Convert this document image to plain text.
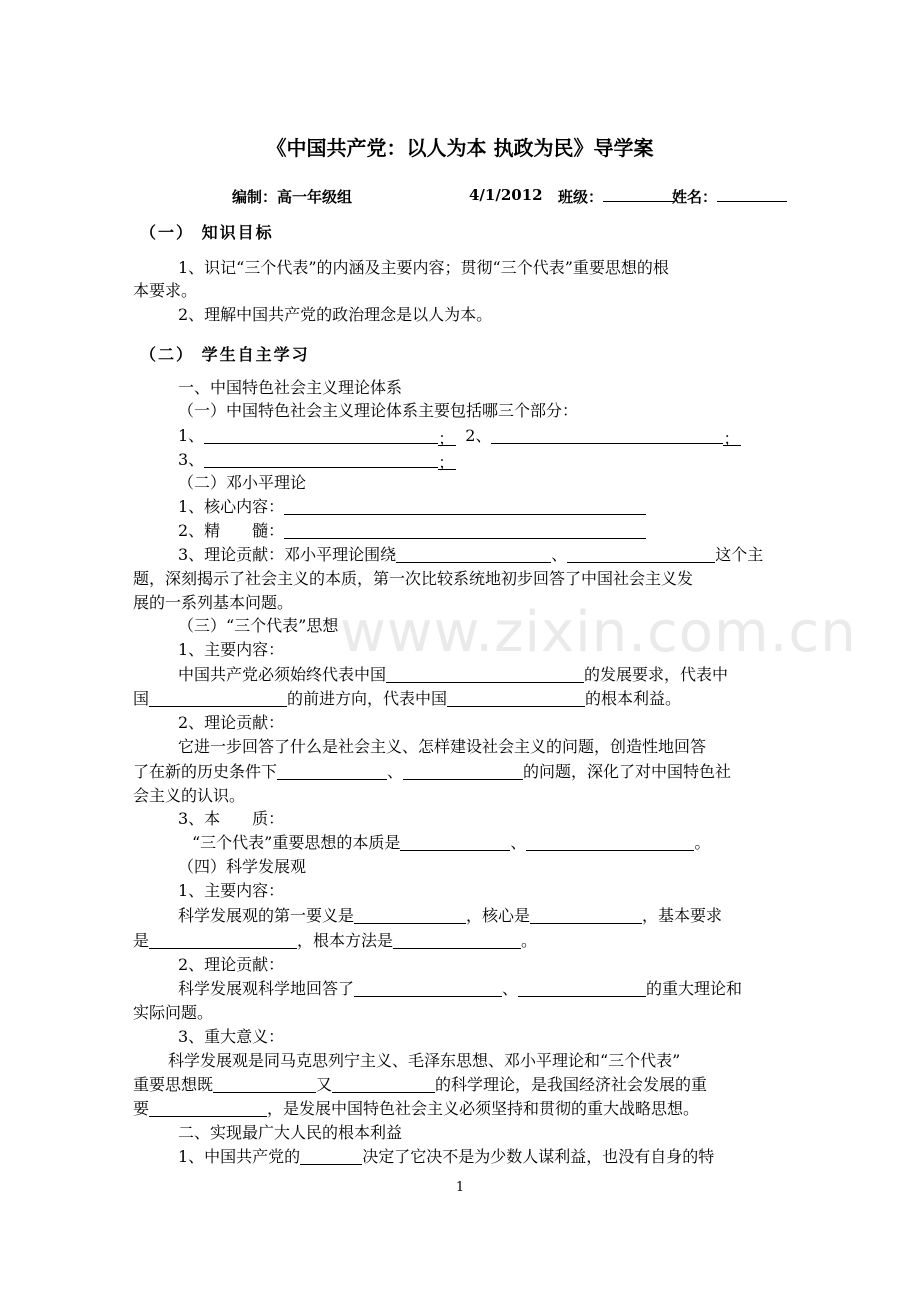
《中国共产党：以人为本 执政为民》导学案
编制：高一年级组	4/1/2012 班级：	姓名：
（一） 知识目标
1、识记“三个代表”的内涵及主要内容；贯彻“三个代表”重要思想的根
本要求。
2、理解中国共产党的政治理念是以人为本。
（二） 学生自主学习
一、中国特色社会主义理论体系
（一）中国特色社会主义理论体系主要包括哪三个部分：
1、	； 2、	；
3、	；
（二）邓小平理论
1、核心内容：
2、精　　髓：
3、理论贡献：邓小平理论围绕	、	这个主
题，深刻揭示了社会主义的本质，第一次比较系统地初步回答了中国社会主义发
展的一系列基本问题。
（三）“三个代表”思想
1、主要内容：
中国共产党必须始终代表中国	的发展要求，代表中
国	的前进方向，代表中国	的根本利益。
2、理论贡献：
它进一步回答了什么是社会主义、怎样建设社会主义的问题，创造性地回答
了在新的历史条件下	、	的问题，深化了对中国特色社
会主义的认识。
3、本　　质：
“三个代表”重要思想的本质是	、	。
（四）科学发展观
1、主要内容：
科学发展观的第一要义是	，核心是	，基本要求
是	，根本方法是	。
2、理论贡献：
科学发展观科学地回答了	、	的重大理论和
实际问题。
3、重大意义：
科学发展观是同马克思列宁主义、毛泽东思想、邓小平理论和“三个代表”
重要思想既	又	的科学理论，是我国经济社会发展的重
要	，是发展中国特色社会主义必须坚持和贯彻的重大战略思想。
二、实现最广大人民的根本利益
1、中国共产党的	决定了它决不是为少数人谋利益，也没有自身的特
www.zixin.com.cn
1
